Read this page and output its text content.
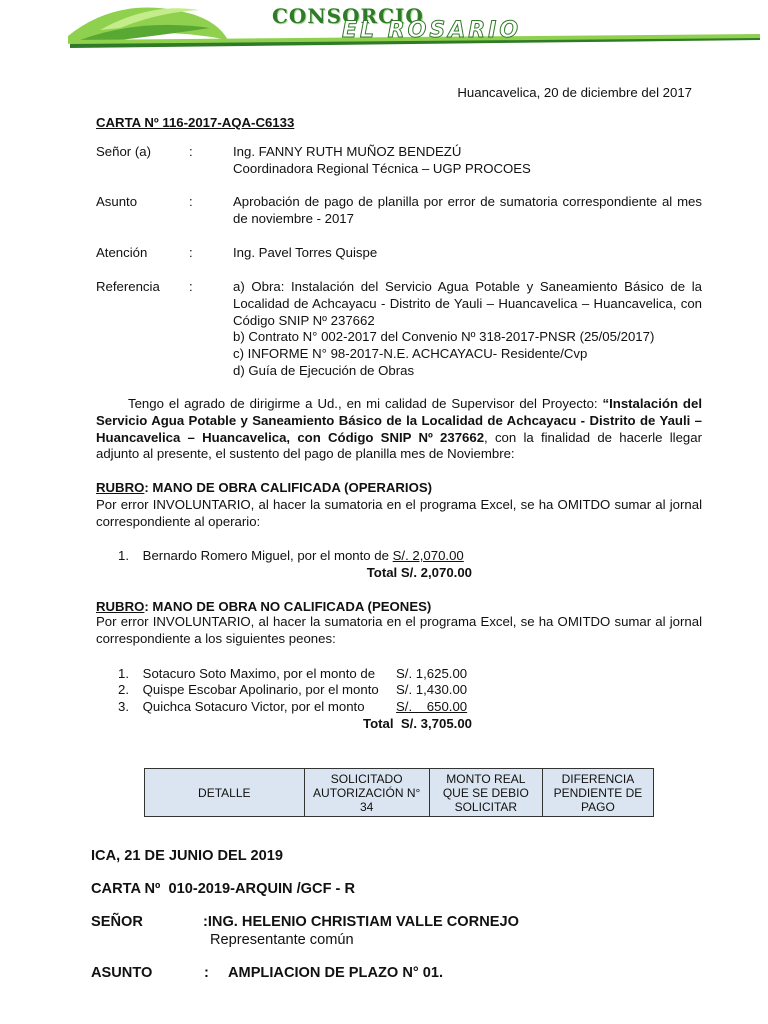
CONSORCIO
EL ROSARIO
Huancavelica, 20 de diciembre del 2017
CARTA Nº 116-2017-AQA-C6133
Señor (a)	:	Ing. FANNY RUTH MUÑOZ BENDEZÚ
Coordinadora Regional Técnica – UGP PROCOES
Asunto	:	Aprobación de pago de planilla por error de sumatoria correspondiente al mes de noviembre - 2017
Atención	:	Ing. Pavel Torres Quispe
Referencia :	a) Obra: Instalación del Servicio Agua Potable y Saneamiento Básico de la Localidad de Achcayacu - Distrito de Yauli – Huancavelica – Huancavelica, con Código SNIP Nº 237662
b) Contrato N° 002-2017 del Convenio Nº 318-2017-PNSR (25/05/2017)
c) INFORME N° 98-2017-N.E. ACHCAYACU- Residente/Cvp
d) Guía de Ejecución de Obras
Tengo el agrado de dirigirme a Ud., en mi calidad de Supervisor del Proyecto: “Instalación del Servicio Agua Potable y Saneamiento Básico de la Localidad de Achcayacu - Distrito de Yauli – Huancavelica – Huancavelica, con Código SNIP Nº 237662, con la finalidad de hacerle llegar adjunto al presente, el sustento del pago de planilla mes de Noviembre:
RUBRO: MANO DE OBRA CALIFICADA (OPERARIOS)
Por error INVOLUNTARIO, al hacer la sumatoria en el programa Excel, se ha OMITDO sumar al jornal correspondiente al operario:
1. Bernardo Romero Miguel, por el monto de S/. 2,070.00
Total S/. 2,070.00
RUBRO: MANO DE OBRA NO CALIFICADA (PEONES)
Por error INVOLUNTARIO, al hacer la sumatoria en el programa Excel, se ha OMITDO sumar al jornal correspondiente a los siguientes peones:
1. Sotacuro Soto Maximo, por el monto de S/. 1,625.00
2. Quispe Escobar Apolinario, por el monto S/. 1,430.00
3. Quichca Sotacuro Victor, por el monto S/.    650.00
Total  S/. 3,705.00
DETALLE	SOLICITADO AUTORIZACIÓN N° 34	MONTO REAL QUE SE DEBIO SOLICITAR	DIFERENCIA PENDIENTE DE PAGO
ICA, 21 DE JUNIO DEL 2019
CARTA Nº  010-2019-ARQUIN /GCF - R
SEÑOR	:ING. HELENIO CHRISTIAM VALLE CORNEJO
Representante común
ASUNTO	: AMPLIACION DE PLAZO N° 01.
